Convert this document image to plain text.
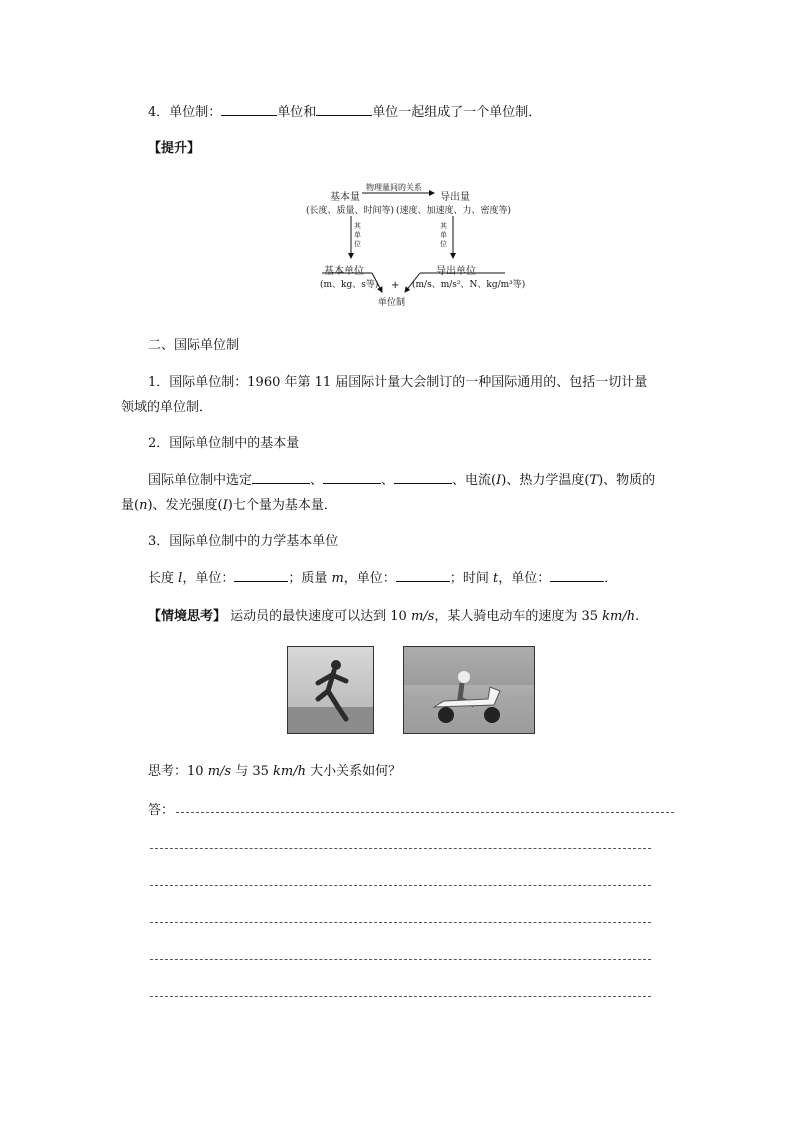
4．单位制：	单位和	单位一起组成了一个单位制．
【提升】
基本量
物理量间的关系
导出量
(长度、质量、时间等) (速度、加速度、力、密度等)
其
单
位
其
单
位
基本单位
(m、kg、s等) +
导出单位
(m/s、m/s²、N、kg/m³等)
单位制
二、国际单位制
1．国际单位制：1960 年第 11 届国际计量大会制订的一种国际通用的、包括一切计量
领域的单位制．
2．国际单位制中的基本量
国际单位制中选定	、	、	、电流(I)、热力学温度(T)、物质的
量(n)、发光强度(I)七个量为基本量．
3．国际单位制中的力学基本单位
长度 l，单位：	；质量 m，单位：	；时间 t，单位：	．
【情境思考】 运动员的最快速度可以达到 10 m/s，某人骑电动车的速度为 35 km/h.
思考：10 m/s 与 35 km/h 大小关系如何？
答：
